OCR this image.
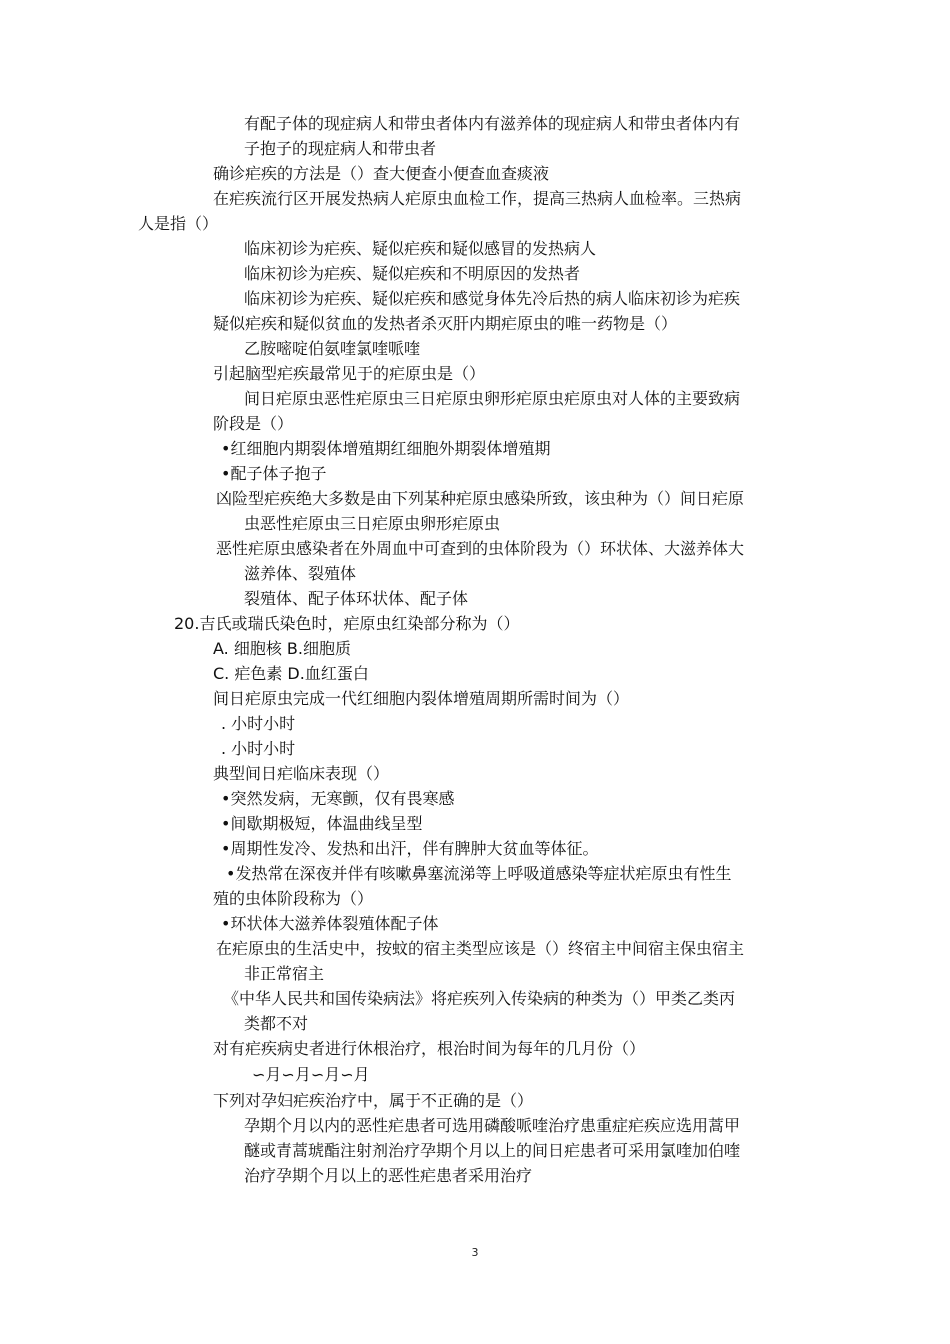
有配子体的现症病人和带虫者体内有滋养体的现症病人和带虫者体内有
子抱子的现症病人和带虫者
确诊疟疾的方法是（）查大便查小便查血查痰液
在疟疾流行区开展发热病人疟原虫血检工作，提高三热病人血检率。三热病
人是指（）
临床初诊为疟疾、疑似疟疾和疑似感冒的发热病人
临床初诊为疟疾、疑似疟疾和不明原因的发热者
临床初诊为疟疾、疑似疟疾和感觉身体先冷后热的病人临床初诊为疟疾
疑似疟疾和疑似贫血的发热者杀灭肝内期疟原虫的唯一药物是（）
乙胺嘧啶伯氨喹氯喹哌喹
引起脑型疟疾最常见于的疟原虫是（）
间日疟原虫恶性疟原虫三日疟原虫卵形疟原虫疟原虫对人体的主要致病
阶段是（）
•红细胞内期裂体增殖期红细胞外期裂体增殖期
•配子体子抱子
凶险型疟疾绝大多数是由下列某种疟原虫感染所致，该虫种为（）间日疟原
虫恶性疟原虫三日疟原虫卵形疟原虫
恶性疟原虫感染者在外周血中可查到的虫体阶段为（）环状体、大滋养体大
滋养体、裂殖体
裂殖体、配子体环状体、配子体
20.吉氏或瑞氏染色时，疟原虫红染部分称为（）
A. 细胞核 B.细胞质
C. 疟色素 D.血红蛋白
间日疟原虫完成一代红细胞内裂体增殖周期所需时间为（）
. 小时小时
. 小时小时
典型间日疟临床表现（）
•突然发病，无寒颤，仅有畏寒感
•间歇期极短，体温曲线呈型
•周期性发冷、发热和出汗，伴有脾肿大贫血等体征。
•发热常在深夜并伴有咳嗽鼻塞流涕等上呼吸道感染等症状疟原虫有性生
殖的虫体阶段称为（）
•环状体大滋养体裂殖体配子体
在疟原虫的生活史中，按蚊的宿主类型应该是（）终宿主中间宿主保虫宿主
非正常宿主
《中华人民共和国传染病法》将疟疾列入传染病的种类为（）甲类乙类丙
类都不对
对有疟疾病史者进行休根治疗，根治时间为每年的几月份（）
∽月∽月∽月∽月
下列对孕妇疟疾治疗中，属于不正确的是（）
孕期个月以内的恶性疟患者可选用磷酸哌喹治疗患重症疟疾应选用蒿甲
醚或青蒿琥酯注射剂治疗孕期个月以上的间日疟患者可采用氯喹加伯喹
治疗孕期个月以上的恶性疟患者采用治疗
3
